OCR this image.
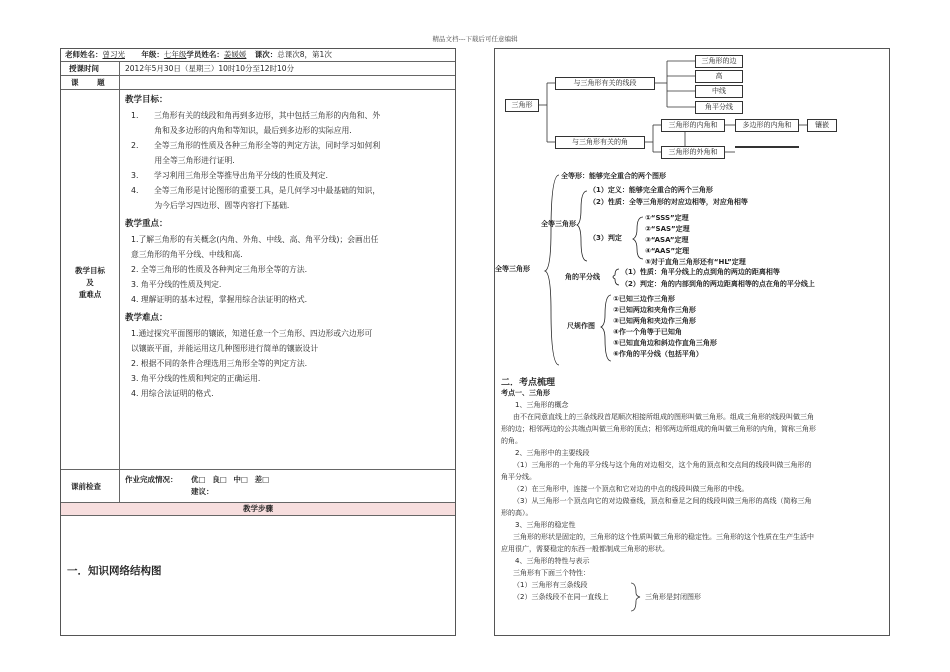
精品文档---下载后可任意编辑
老师姓名：曾习光 年级：七年级学员姓名：姜媛媛 课次：总课次8，第1次
授课时间	2012年5月30日（星期三）10时10分至12时10分
课 题
教学目标
及
重难点
教学目标：
1.　　三角形有关的线段和角再到多边形，其中包括三角形的内角和、外
　　　角和及多边形的内角和等知识，最后到多边形的实际应用.
2.　　全等三角形的性质及各种三角形全等的判定方法，同时学习如何利
　　　用全等三角形进行证明.
3.　　学习利用三角形全等推导出角平分线的性质及判定.
4.　　全等三角形是讨论图形的重要工具，是几何学习中最基础的知识，
　　　为今后学习四边形、圆等内容打下基础.
教学重点：
1.了解三角形的有关概念(内角、外角、中线、高、角平分线)；会画出任
意三角形的角平分线、中线和高.
2. 全等三角形的性质及各种判定三角形全等的方法.
3. 角平分线的性质及判定.
4. 理解证明的基本过程，掌握用综合法证明的格式.
教学难点：
1.通过探究平面图形的镶嵌，知道任意一个三角形、四边形或六边形可
以镶嵌平面，并能运用这几种图形进行简单的镶嵌设计
2. 根据不同的条件合理选用三角形全等的判定方法.
3. 角平分线的性质和判定的正确运用.
4. 用综合法证明的格式.
课前检查
作业完成情况： 优□ 良□ 中□ 差□
建议：
教学步骤
一．知识网络结构图
三角形
与三角形有关的线段
三角形的边
高
中线
角平分线
与三角形有关的角
三角形的内角和	多边形的内角和	镶嵌
三角形的外角和
全等三角形
全等形：能够完全重合的两个图形
全等三角形
（1）定义：能够完全重合的两个三角形
（2）性质：全等三角形的对应边相等，对应角相等
（3）判定
①“SSS”定理
②“SAS”定理
③“ASA”定理
④“AAS”定理
⑤对于直角三角形还有“HL”定理
角的平分线
（1）性质：角平分线上的点到角的两边的距离相等
（2）判定：角的内部到角的两边距离相等的点在角的平分线上
尺规作图
①已知三边作三角形
②已知两边和夹角作三角形
③已知两角和夹边作三角形
④作一个角等于已知角
⑤已知直角边和斜边作直角三角形
⑥作角的平分线（包括平角）
二．考点梳理

考点一、三角形

1、三角形的概念

由不在同意直线上的三条线段首尾顺次相接所组成的图形叫做三角形。组成三角形的线段叫做三角

形的边；相邻两边的公共端点叫做三角形的顶点；相邻两边所组成的角叫做三角形的内角，简称三角形

的角。

2、三角形中的主要线段

（1）三角形的一个角的平分线与这个角的对边相交，这个角的顶点和交点间的线段叫做三角形的

角平分线。

（2）在三角形中，连接一个顶点和它对边的中点的线段叫做三角形的中线。

（3）从三角形一个顶点向它的对边做垂线，顶点和垂足之间的线段叫做三角形的高线（简称三角

形的高）。

3、三角形的稳定性

三角形的形状是固定的，三角形的这个性质叫做三角形的稳定性。三角形的这个性质在生产生活中

应用很广，需要稳定的东西一般都制成三角形的形状。

4、三角形的特性与表示

三角形有下面三个特性：

（1）三角形有三条线段

（2）三条线段不在同一直线上	三角形是封闭图形
